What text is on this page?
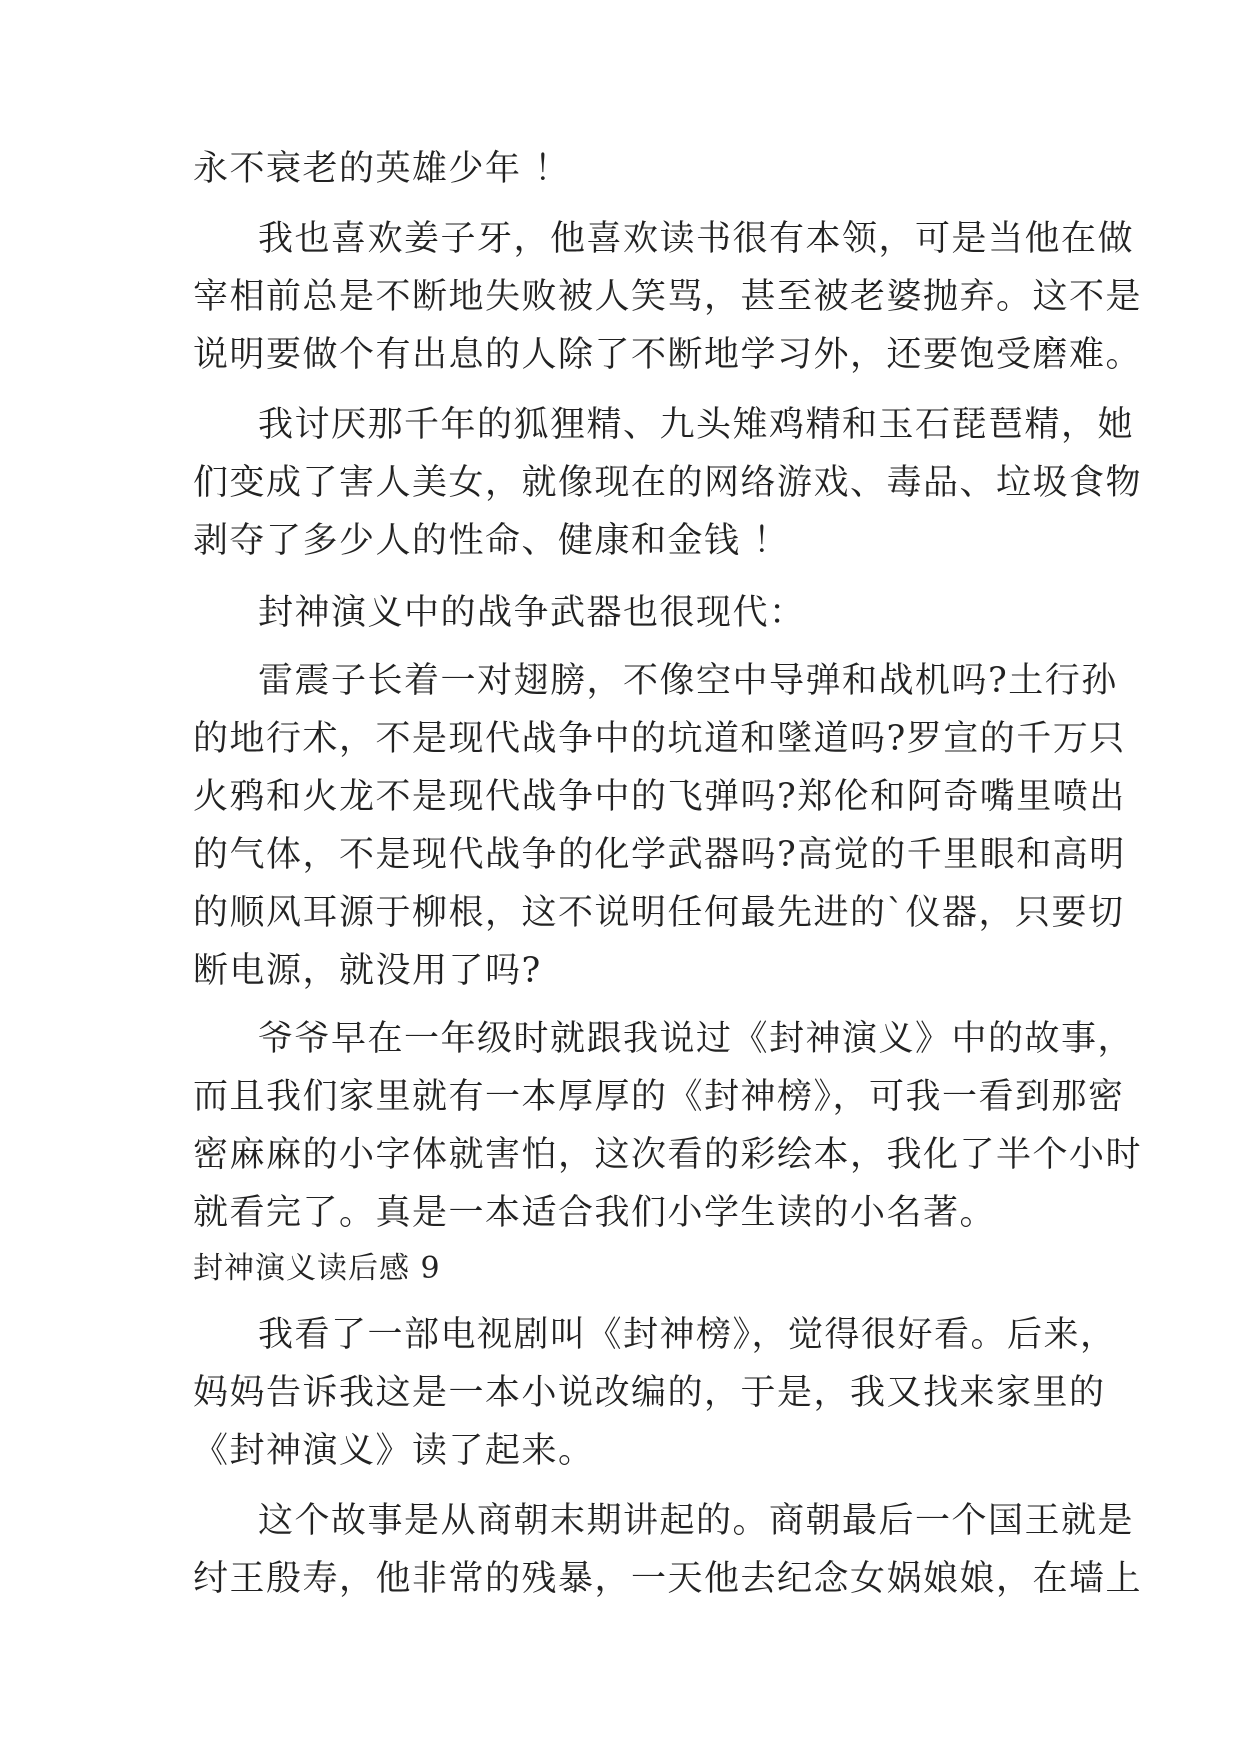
永不衰老的英雄少年 ！
我也喜欢姜子牙，他喜欢读书很有本领，可是当他在做
宰相前总是不断地失败被人笑骂，甚至被老婆抛弃。这不是
说明要做个有出息的人除了不断地学习外，还要饱受磨难。
我讨厌那千年的狐狸精、九头雉鸡精和玉石琵琶精，她
们变成了害人美女，就像现在的网络游戏、毒品、垃圾食物
剥夺了多少人的性命、健康和金钱 ！
封神演义中的战争武器也很现代：
雷震子长着一对翅膀，不像空中导弹和战机吗?土行孙
的地行术，不是现代战争中的坑道和墜道吗?罗宣的千万只
火鸦和火龙不是现代战争中的飞弹吗?郑伦和阿奇嘴里喷出
的气体，不是现代战争的化学武器吗?高觉的千里眼和高明
的顺风耳源于柳根，这不说明任何最先进的`仪器，只要切
断电源，就没用了吗?
爷爷早在一年级时就跟我说过《封神演义》中的故事，
而且我们家里就有一本厚厚的《封神榜》，可我一看到那密
密麻麻的小字体就害怕，这次看的彩绘本，我化了半个小时
就看完了。真是一本适合我们小学生读的小名著。
封神演义读后感 9
我看了一部电视剧叫《封神榜》，觉得很好看。后来，
妈妈告诉我这是一本小说改编的，于是，我又找来家里的
《封神演义》读了起来。
这个故事是从商朝末期讲起的。商朝最后一个国王就是
纣王殷寿，他非常的残暴，一天他去纪念女娲娘娘，在墙上
